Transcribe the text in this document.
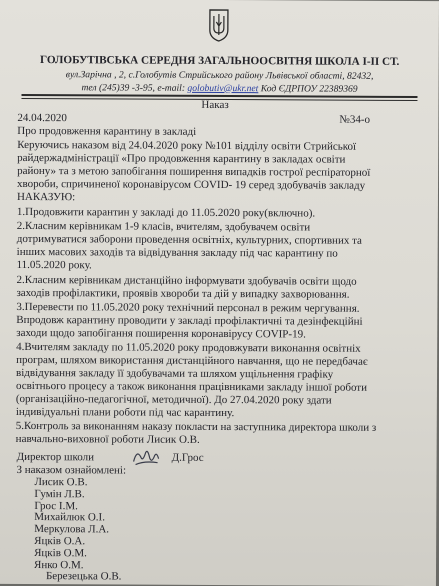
ГОЛОБУТІВСЬКА СЕРЕДНЯ ЗАГАЛЬНООСВІТНЯ ШКОЛА І-ІІ СТ.
вул.Зарічна , 2, с.Голобутів Стрийського району Львівської області, 82432,
тел (245)39 -3-95, e-mail: golobutiv@ukr.net Код ЄДРПОУ 22389369
Наказ
24.04.2020	№34-о
Про продовження карантину в закладі
Керуючись наказом від 24.04.2020 року №101 відділу освіти Стрийської
райдержадміністрації «Про продовження карантину в закладах освіти
району» та з метою запобігання поширення випадків гострої респіраторної
хвороби, спричиненої коронавірусом COVID- 19 серед здобувачів закладу
НАКАЗУЮ:
1.Продовжити карантин у закладі до 11.05.2020 року(включно).
2.Класним керівникам 1-9 класів, вчителям, здобувачем освіти
дотримуватися заборони проведення освітніх, культурних, спортивних та
інших масових заходів та відвідування закладу під час карантину по
11.05.2020 року.
2.Класним керівникам дистанційно інформувати здобувачів освіти щодо
заходів профілактики, проявів хвороби та дій у випадку захворювання.
3.Перевести по 11.05.2020 року технічний персонал в режим чергування.
Впродовж карантину проводити у закладі профілактичні та дезінфекційні
заходи щодо запобігання поширення коронавірусу COVIP-19.
4.Вчителям закладу по 11.05.2020 року продовжувати виконання освітніх
програм, шляхом використання дистанційного навчання, що не передбачає
відвідування закладу її здобувачами та шляхом ущільнення графіку
освітнього процесу а також виконання працівниками закладу іншої роботи
(організаційно-педагогічної, методичної). До 27.04.2020 року здати
індивідуальні плани роботи під час карантину.
5.Контроль за виконанням наказу покласти на заступника директора школи з
навчально-виховної роботи Лисик О.В.
Директор школи	Д.Грос
З наказом ознайомлені:
Лисик О.В.
Гумін Л.В.
Грос І.М.
Михайлюк О.І.
Меркулова Л.А.
Яцків О.А.
Яцків О.М.
Янко О.М.
Березецька О.В.
